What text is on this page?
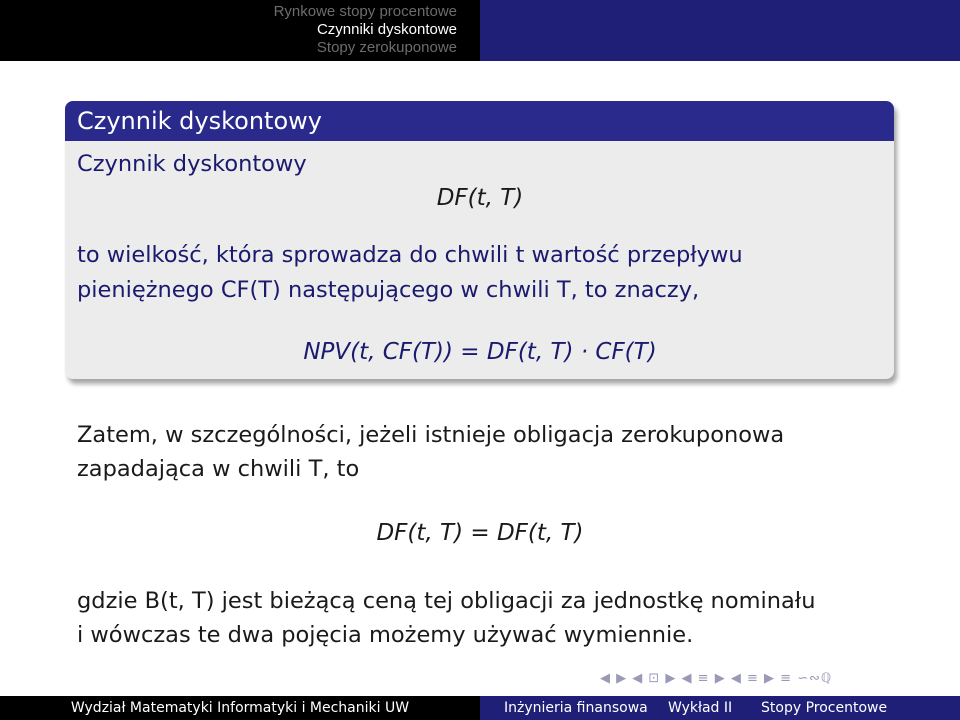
Rynkowe stopy procentowe
Czynniki dyskontowe
Stopy zerokuponowe
Czynnik dyskontowy
Czynnik dyskontowy
DF(t, T)
to wielkość, która sprowadza do chwili t wartość przepływu
pieniężnego CF(T) następującego w chwili T, to znaczy,
NPV(t, CF(T)) = DF(t, T) · CF(T)
Zatem, w szczególności, jeżeli istnieje obligacja zerokuponowa
zapadająca w chwili T, to
DF(t, T) = DF(t, T)
gdzie B(t, T) jest bieżącą ceną tej obligacji za jednostkę nominału
i wówczas te dwa pojęcia możemy używać wymiennie.
◀ ▶ ◀ ⊡ ▶ ◀ ≡ ▶ ◀ ≡ ▶ ≡ ∽∾ℚ
Wydział Matematyki Informatyki i Mechaniki UW	Inżynieria finansowa Wykład II Stopy Procentowe
